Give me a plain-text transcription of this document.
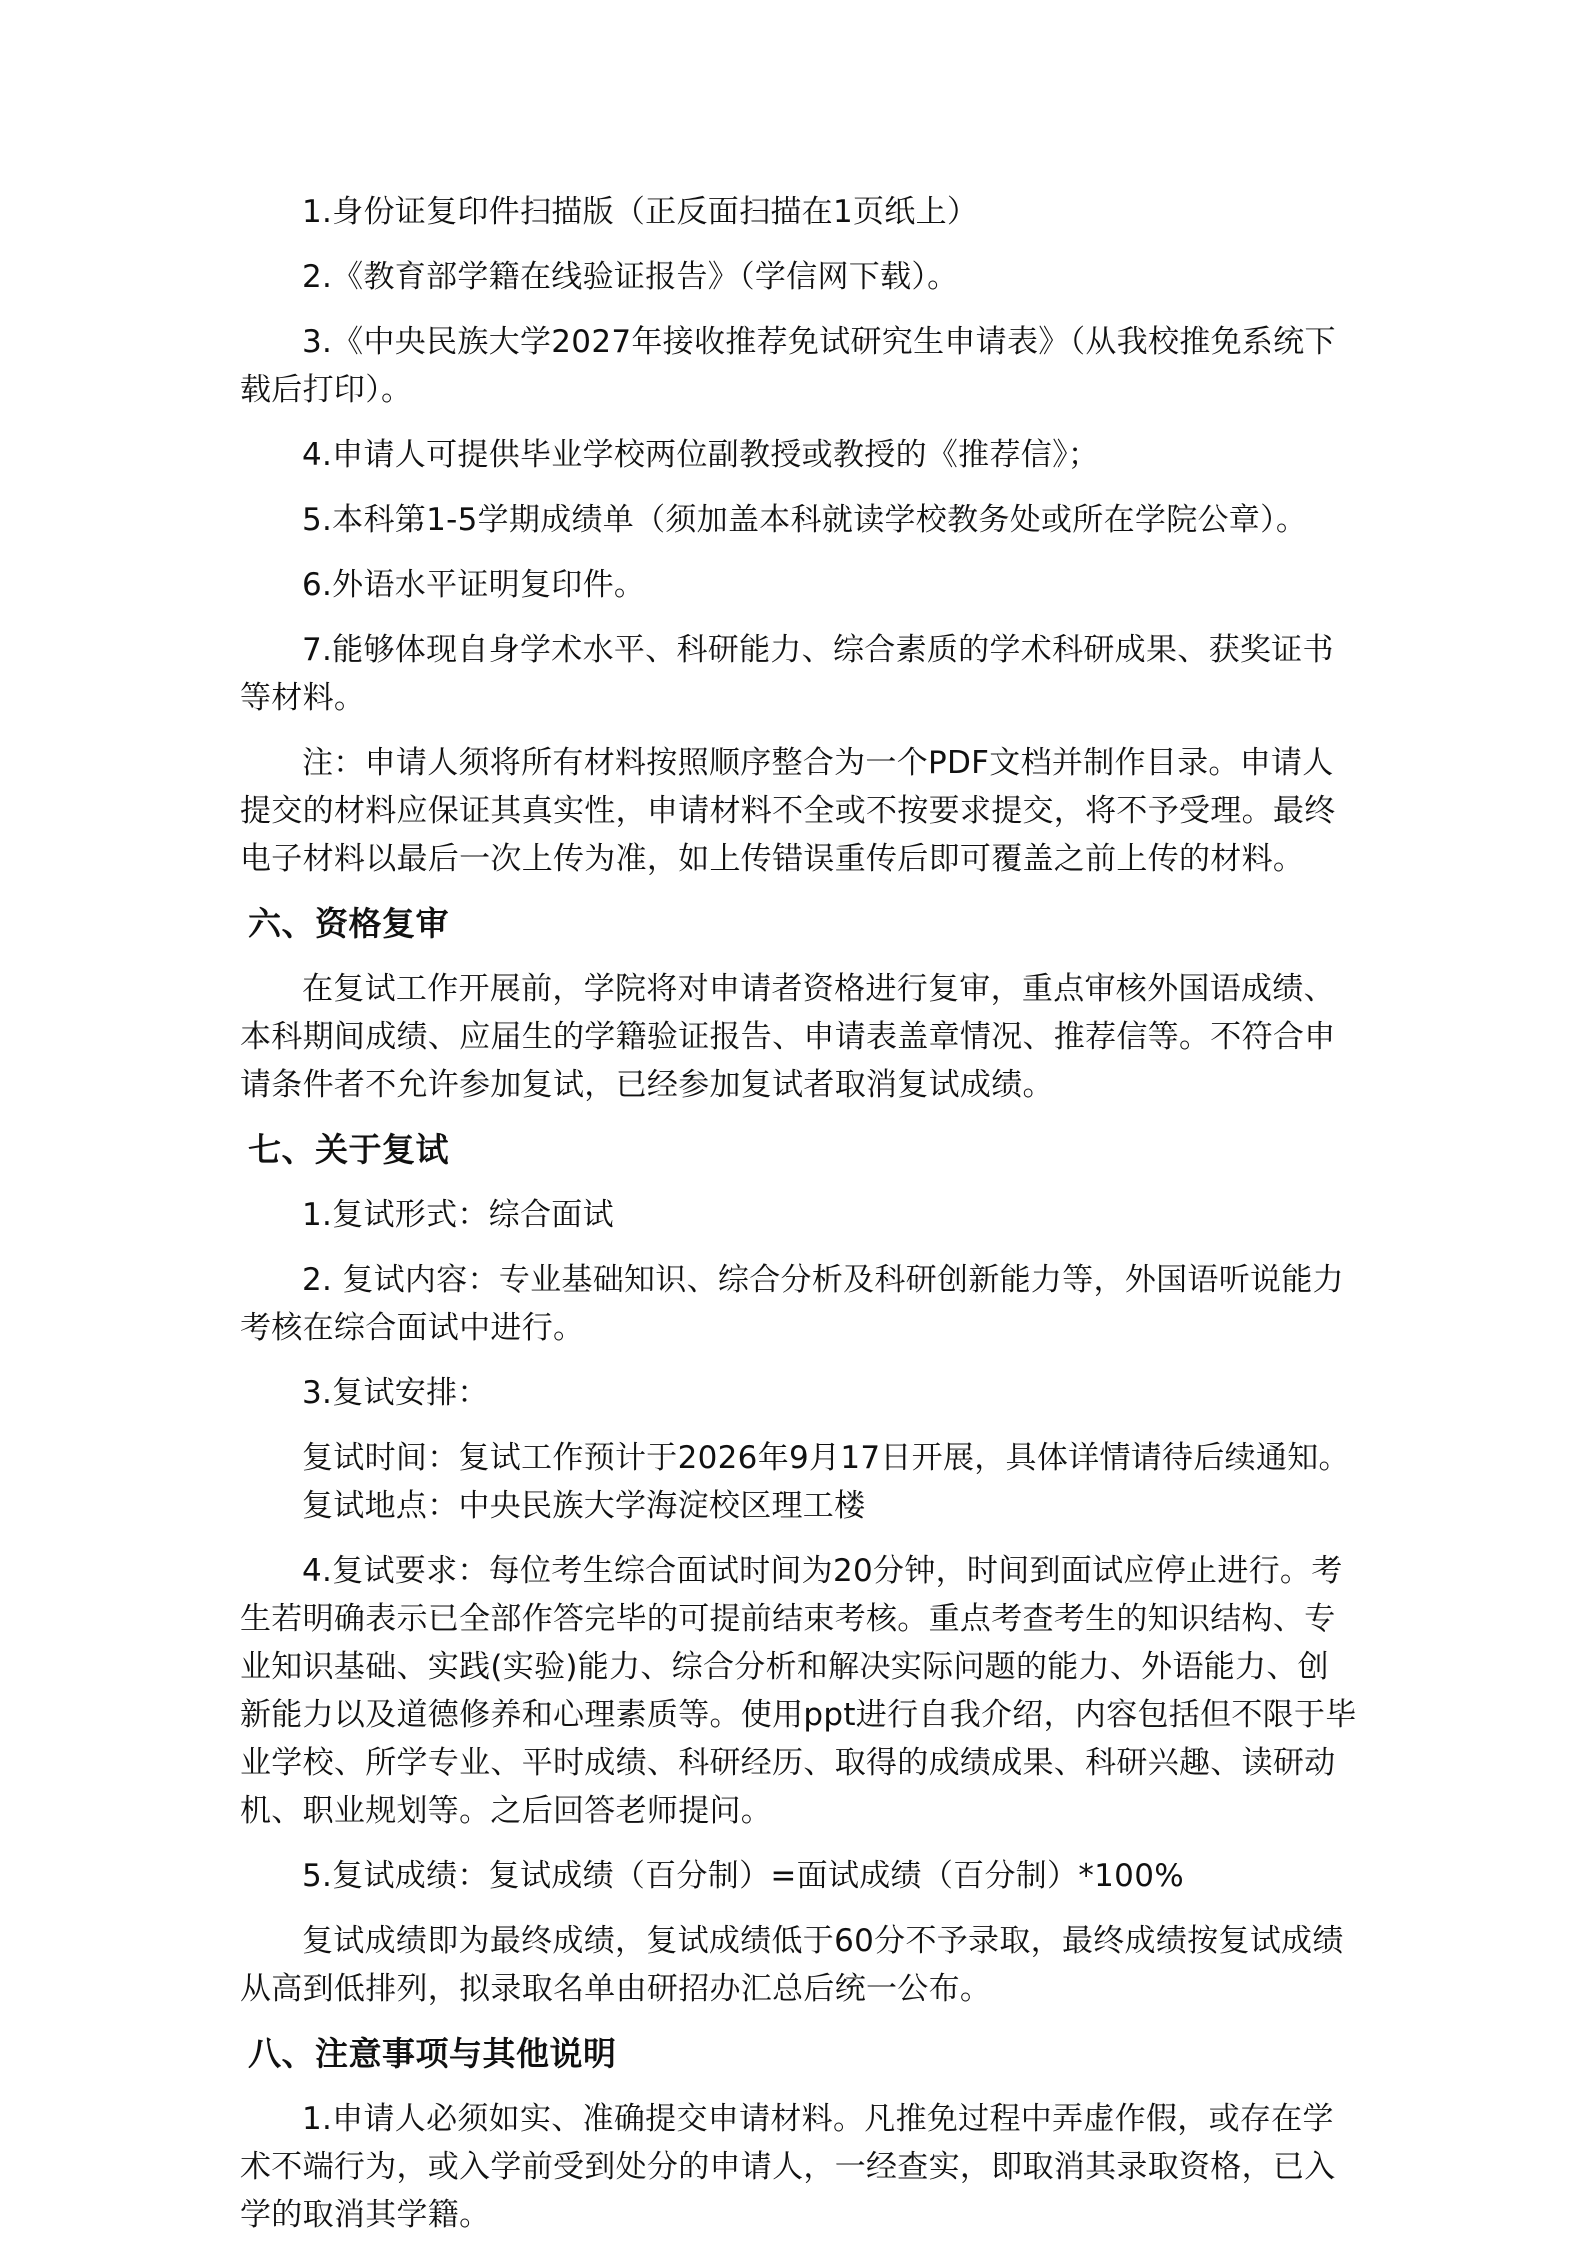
1.身份证复印件扫描版（正反面扫描在1页纸上）

2.《教育部学籍在线验证报告》（学信网下载）。

3.《中央民族大学2027年接收推荐免试研究生申请表》（从我校推免系统下载后打印）。

4.申请人可提供毕业学校两位副教授或教授的《推荐信》；

5.本科第1-5学期成绩单（须加盖本科就读学校教务处或所在学院公章）。

6.外语水平证明复印件。

7.能够体现自身学术水平、科研能力、综合素质的学术科研成果、获奖证书等材料。

注：申请人须将所有材料按照顺序整合为一个PDF文档并制作目录。申请人提交的材料应保证其真实性，申请材料不全或不按要求提交，将不予受理。最终电子材料以最后一次上传为准，如上传错误重传后即可覆盖之前上传的材料。

六、资格复审

在复试工作开展前，学院将对申请者资格进行复审，重点审核外国语成绩、本科期间成绩、应届生的学籍验证报告、申请表盖章情况、推荐信等。不符合申请条件者不允许参加复试，已经参加复试者取消复试成绩。

七、关于复试

1.复试形式：综合面试

2. 复试内容：专业基础知识、综合分析及科研创新能力等，外国语听说能力考核在综合面试中进行。

3.复试安排：

复试时间：复试工作预计于2026年9月17日开展，具体详情请待后续通知。

复试地点：中央民族大学海淀校区理工楼

4.复试要求：每位考生综合面试时间为20分钟，时间到面试应停止进行。考生若明确表示已全部作答完毕的可提前结束考核。重点考查考生的知识结构、专业知识基础、实践(实验)能力、综合分析和解决实际问题的能力、外语能力、创新能力以及道德修养和心理素质等。使用ppt进行自我介绍，内容包括但不限于毕业学校、所学专业、平时成绩、科研经历、取得的成绩成果、科研兴趣、读研动机、职业规划等。之后回答老师提问。

5.复试成绩：复试成绩（百分制）=面试成绩（百分制）*100%

复试成绩即为最终成绩，复试成绩低于60分不予录取，最终成绩按复试成绩从高到低排列，拟录取名单由研招办汇总后统一公布。

八、注意事项与其他说明

1.申请人必须如实、准确提交申请材料。凡推免过程中弄虚作假，或存在学术不端行为，或入学前受到处分的申请人，一经查实，即取消其录取资格，已入学的取消其学籍。
